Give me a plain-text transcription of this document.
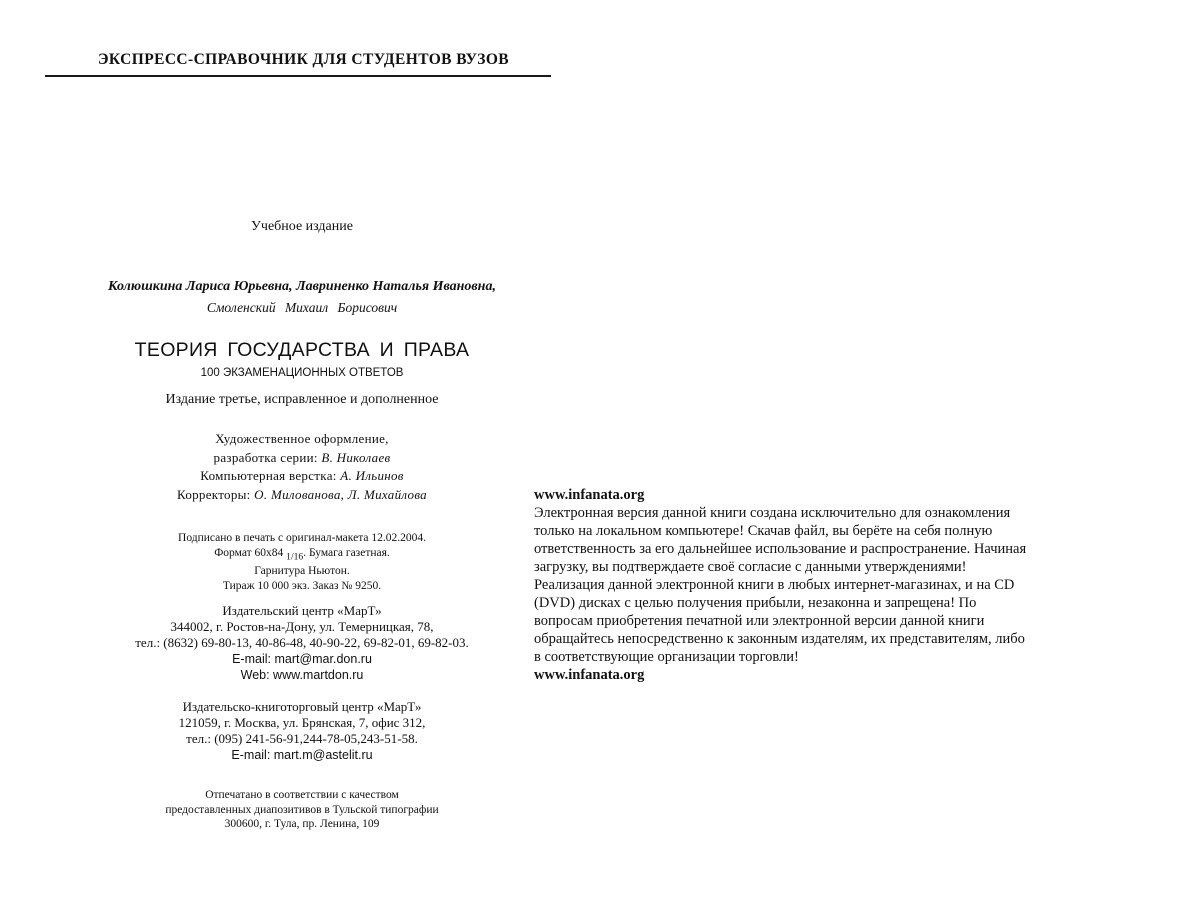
ЭКСПРЕСС-СПРАВОЧНИК ДЛЯ СТУДЕНТОВ ВУЗОВ
Учебное издание
Колюшкина Лариса Юрьевна, Лавриненко Наталья Ивановна,
Смоленский Михаил Борисович
ТЕОРИЯ ГОСУДАРСТВА И ПРАВА
100 ЭКЗАМЕНАЦИОННЫХ ОТВЕТОВ
Издание третье, исправленное и дополненное
Художественное оформление,
разработка серии: В. Николаев
Компьютерная верстка: А. Ильинов
Корректоры: О. Милованова, Л. Михайлова
Подписано в печать с оригинал-макета 12.02.2004.
Формат 60x84 $_{1/16}$. Бумага газетная.
Гарнитура Ньютон.
Тираж 10 000 экз. Заказ № 9250.
Издательский центр «МарТ»
344002, г. Ростов-на-Дону, ул. Темерницкая, 78,
тел.: (8632) 69-80-13, 40-86-48, 40-90-22, 69-82-01, 69-82-03.
E-mail: mart@mar.don.ru
Web: www.martdon.ru
Издательско-книготорговый центр «МарТ»
121059, г. Москва, ул. Брянская, 7, офис 312,
тел.: (095) 241-56-91,244-78-05,243-51-58.
E-mail: mart.m@astelit.ru
Отпечатано в соответствии с качеством
предоставленных диапозитивов в Тульской типографии
300600, г. Тула, пр. Ленина, 109
www.infanata.org
Электронная версия данной книги создана исключительно для ознакомления только на локальном компьютере! Скачав файл, вы берёте на себя полную ответственность за его дальнейшее использование и распространение. Начиная загрузку, вы подтверждаете своё согласие с данными утверждениями! Реализация данной электронной книги в любых интернет-магазинах, и на CD (DVD) дисках с целью получения прибыли, незаконна и запрещена! По вопросам приобретения печатной или электронной версии данной книги обращайтесь непосредственно к законным издателям, их представителям, либо в соответствующие организации торговли!
www.infanata.org
